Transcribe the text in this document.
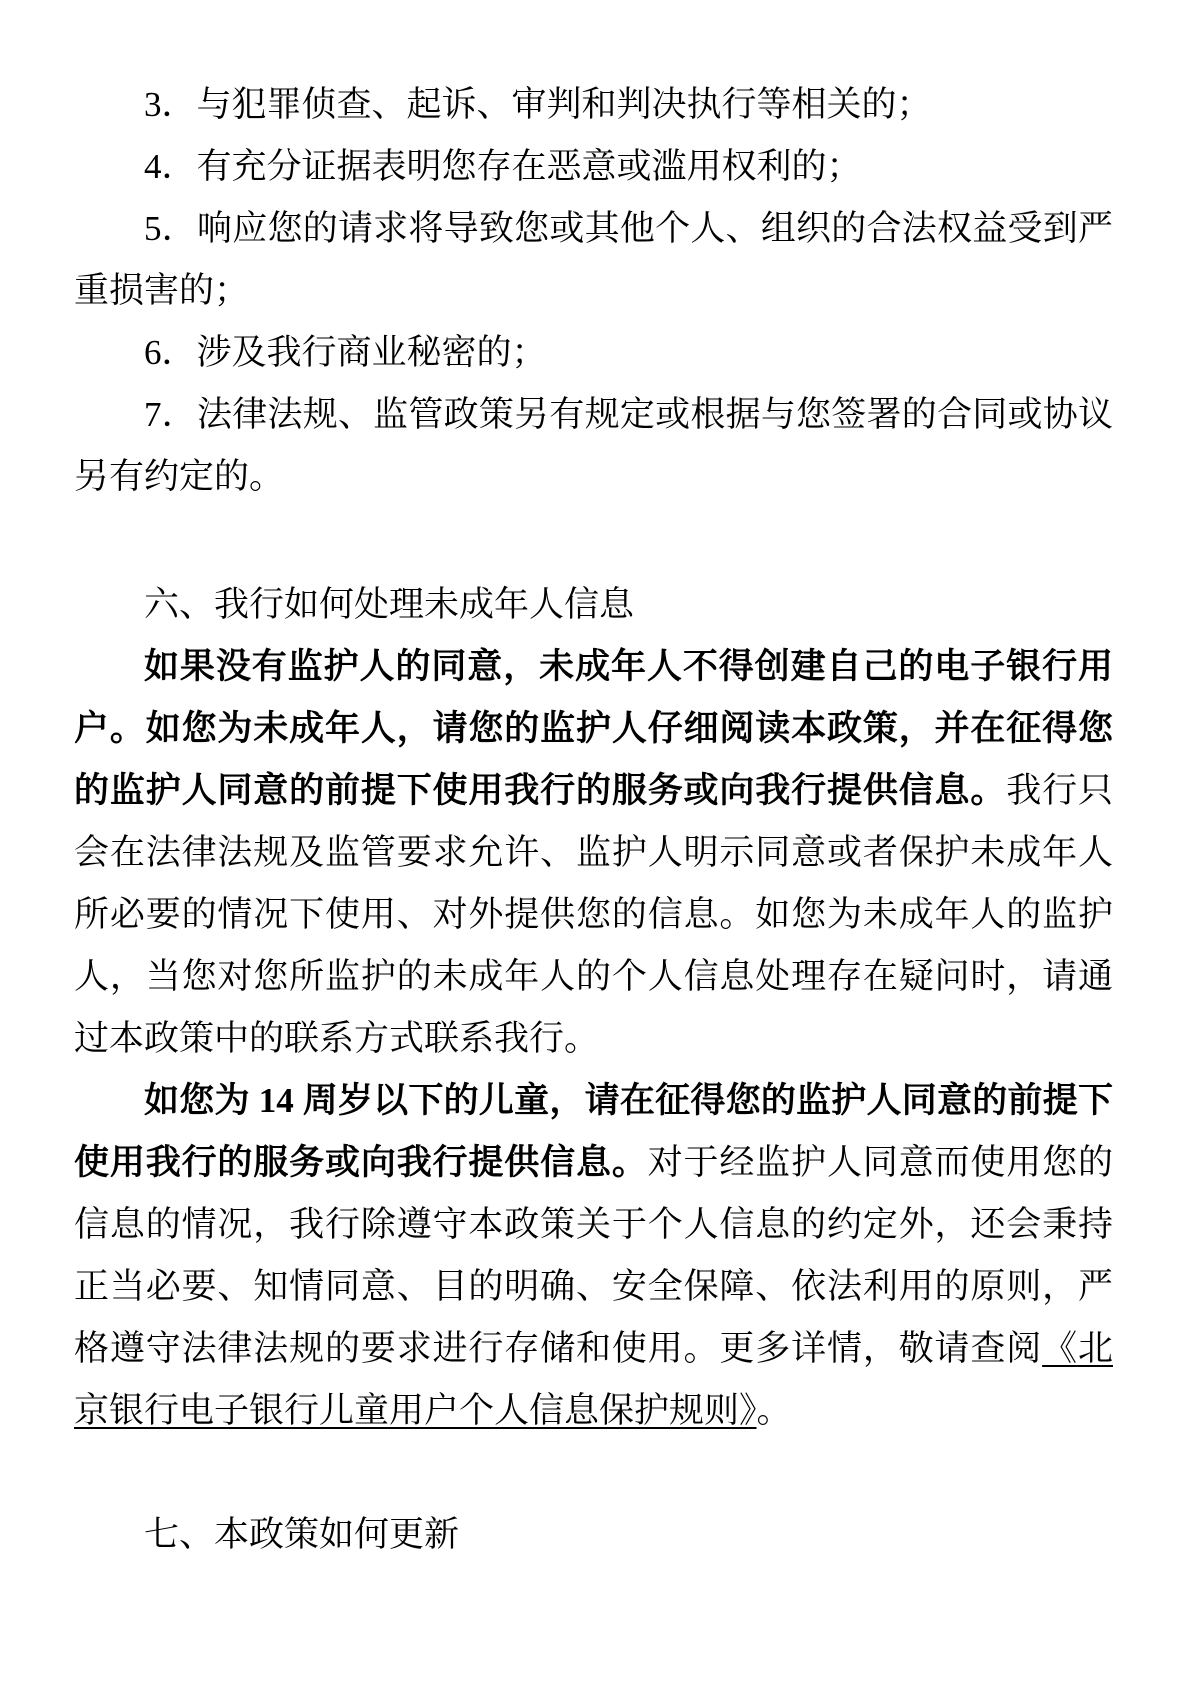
3．与犯罪侦查、起诉、审判和判决执行等相关的；

4．有充分证据表明您存在恶意或滥用权利的；

5．响应您的请求将导致您或其他个人、组织的合法权益受到严重损害的；

6．涉及我行商业秘密的；

7．法律法规、监管政策另有规定或根据与您签署的合同或协议另有约定的。

六、我行如何处理未成年人信息

如果没有监护人的同意，未成年人不得创建自己的电子银行用户。如您为未成年人，请您的监护人仔细阅读本政策，并在征得您的监护人同意的前提下使用我行的服务或向我行提供信息。我行只会在法律法规及监管要求允许、监护人明示同意或者保护未成年人所必要的情况下使用、对外提供您的信息。如您为未成年人的监护人，当您对您所监护的未成年人的个人信息处理存在疑问时，请通过本政策中的联系方式联系我行。

如您为 14 周岁以下的儿童，请在征得您的监护人同意的前提下使用我行的服务或向我行提供信息。对于经监护人同意而使用您的信息的情况，我行除遵守本政策关于个人信息的约定外，还会秉持正当必要、知情同意、目的明确、安全保障、依法利用的原则，严格遵守法律法规的要求进行存储和使用。更多详情，敬请查阅《北京银行电子银行儿童用户个人信息保护规则》。

七、本政策如何更新
